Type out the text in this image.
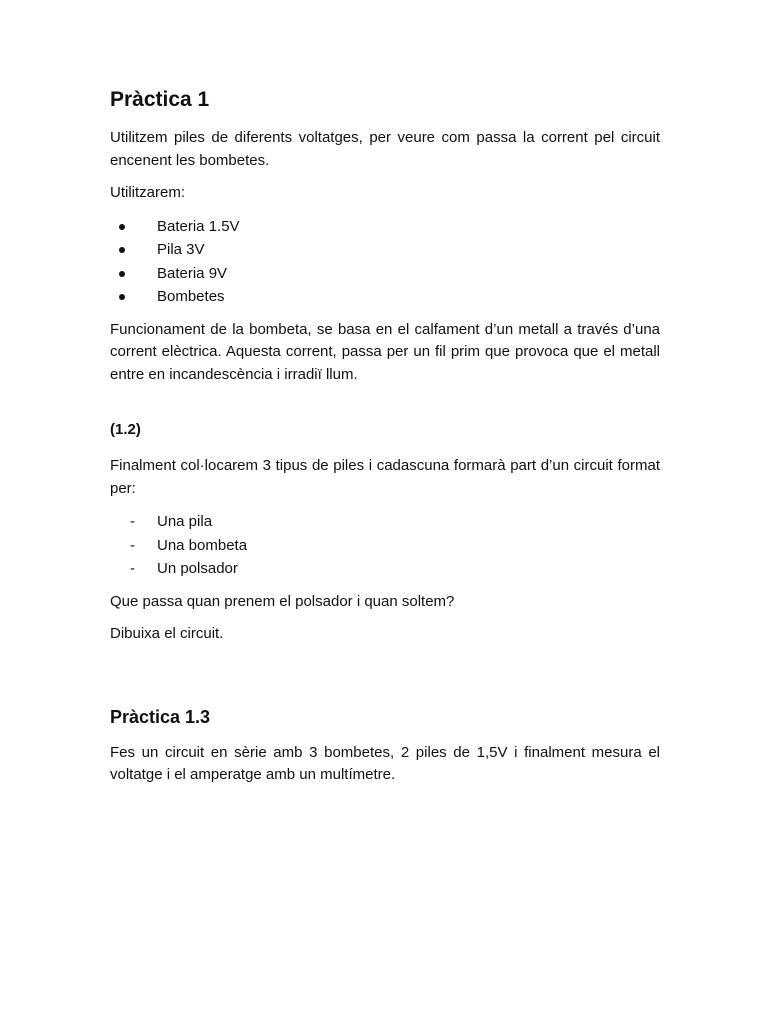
Pràctica 1

Utilitzem piles de diferents voltatges, per veure com passa la corrent pel circuit encenent les bombetes.

Utilitzarem:

Bateria 1.5V
Pila 3V
Bateria 9V
Bombetes

Funcionament de la bombeta, se basa en el calfament d’un metall a través d’una corrent elèctrica. Aquesta corrent, passa per un fil prim que provoca que el metall entre en incandescència i irradiï llum.

(1.2)

Finalment col·locarem 3 tipus de piles i cadascuna formarà part d’un circuit format per:

- Una pila
- Una bombeta
- Un polsador

Que passa quan prenem el polsador i quan soltem?

Dibuixa el circuit.

Pràctica 1.3

Fes un circuit en sèrie amb 3 bombetes, 2 piles de 1,5V i finalment mesura el voltatge i el amperatge amb un multímetre.
